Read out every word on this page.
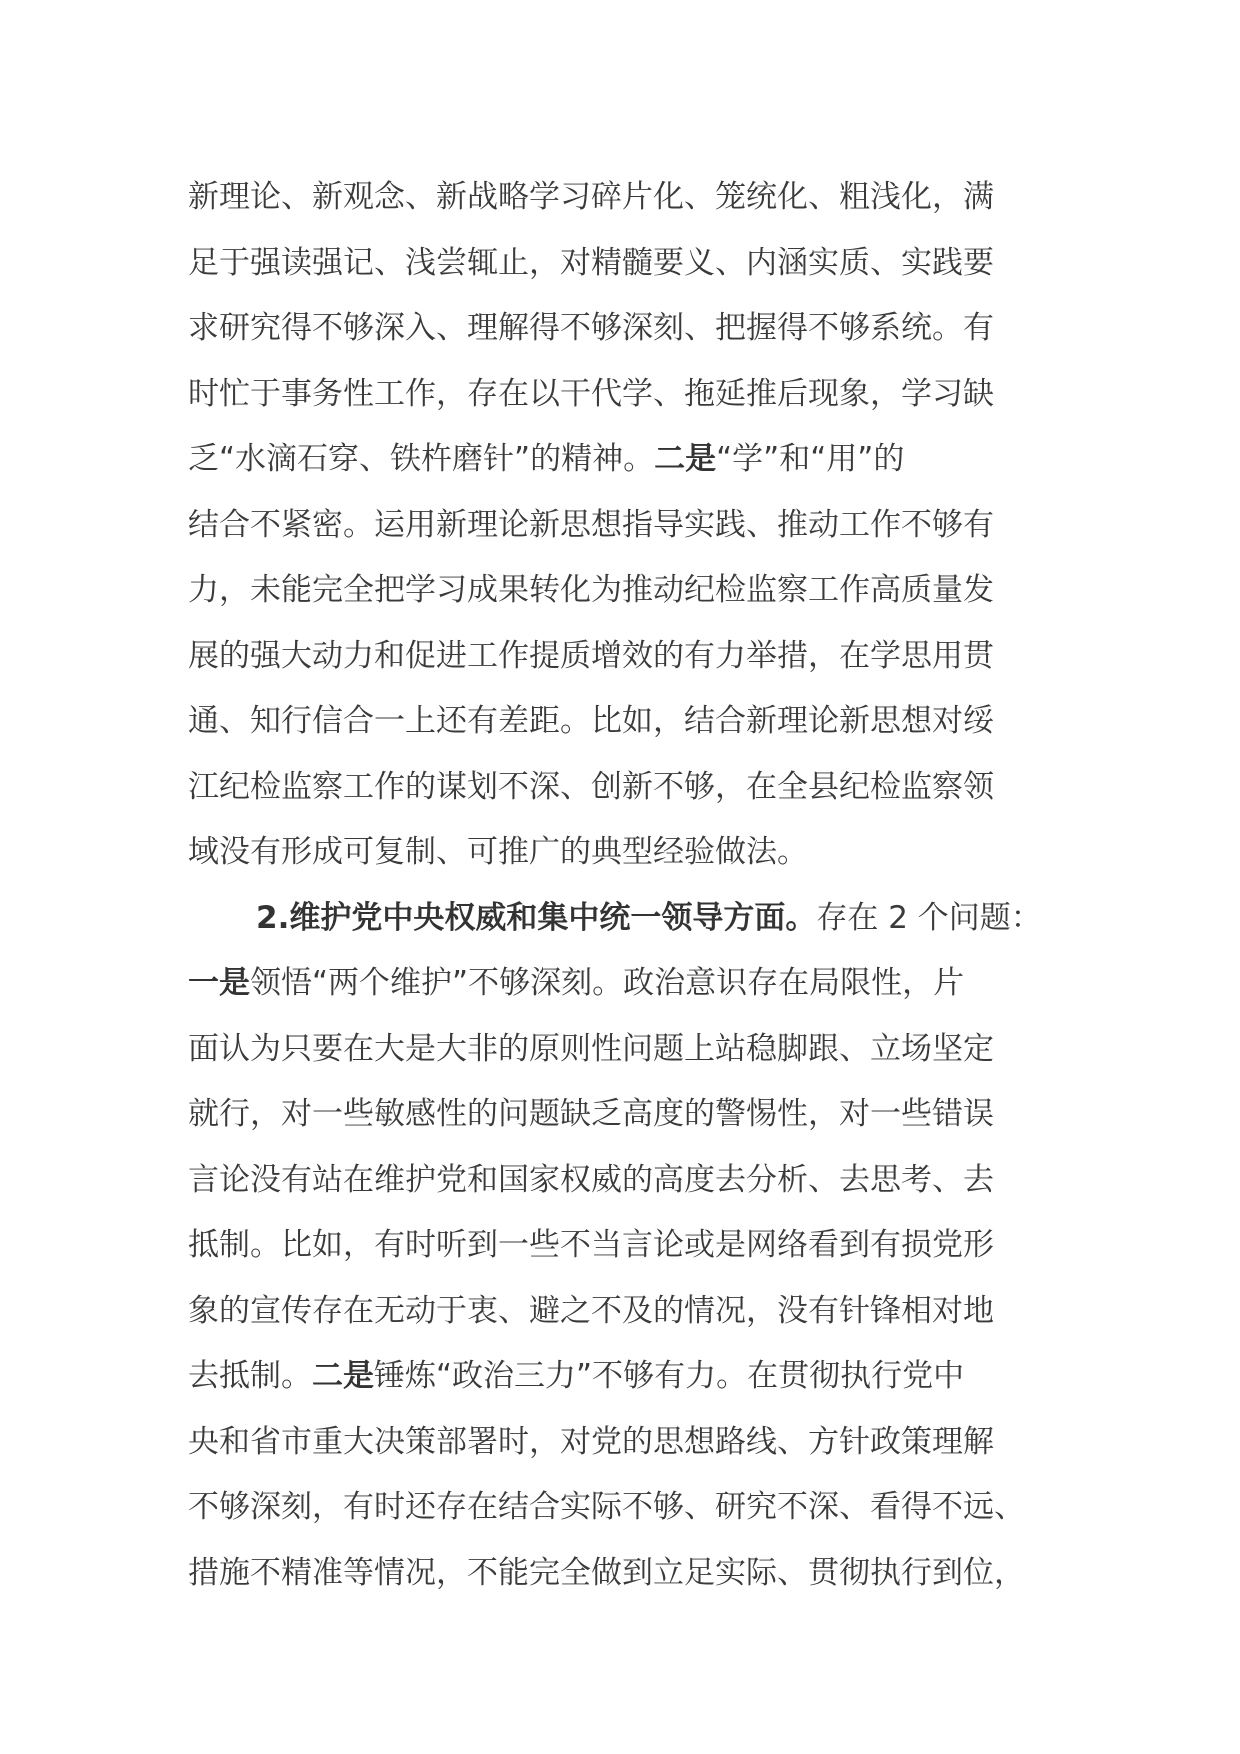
新理论、新观念、新战略学习碎片化、笼统化、粗浅化，满
足于强读强记、浅尝辄止，对精髓要义、内涵实质、实践要
求研究得不够深入、理解得不够深刻、把握得不够系统。有
时忙于事务性工作，存在以干代学、拖延推后现象，学习缺
乏“水滴石穿、铁杵磨针”的精神。二是“学”和“用”的
结合不紧密。运用新理论新思想指导实践、推动工作不够有
力，未能完全把学习成果转化为推动纪检监察工作高质量发
展的强大动力和促进工作提质增效的有力举措，在学思用贯
通、知行信合一上还有差距。比如，结合新理论新思想对绥
江纪检监察工作的谋划不深、创新不够，在全县纪检监察领
域没有形成可复制、可推广的典型经验做法。
2.维护党中央权威和集中统一领导方面。存在 2 个问题：
一是领悟“两个维护”不够深刻。政治意识存在局限性，片
面认为只要在大是大非的原则性问题上站稳脚跟、立场坚定
就行，对一些敏感性的问题缺乏高度的警惕性，对一些错误
言论没有站在维护党和国家权威的高度去分析、去思考、去
抵制。比如，有时听到一些不当言论或是网络看到有损党形
象的宣传存在无动于衷、避之不及的情况，没有针锋相对地
去抵制。二是锤炼“政治三力”不够有力。在贯彻执行党中
央和省市重大决策部署时，对党的思想路线、方针政策理解
不够深刻，有时还存在结合实际不够、研究不深、看得不远、
措施不精准等情况，不能完全做到立足实际、贯彻执行到位，
